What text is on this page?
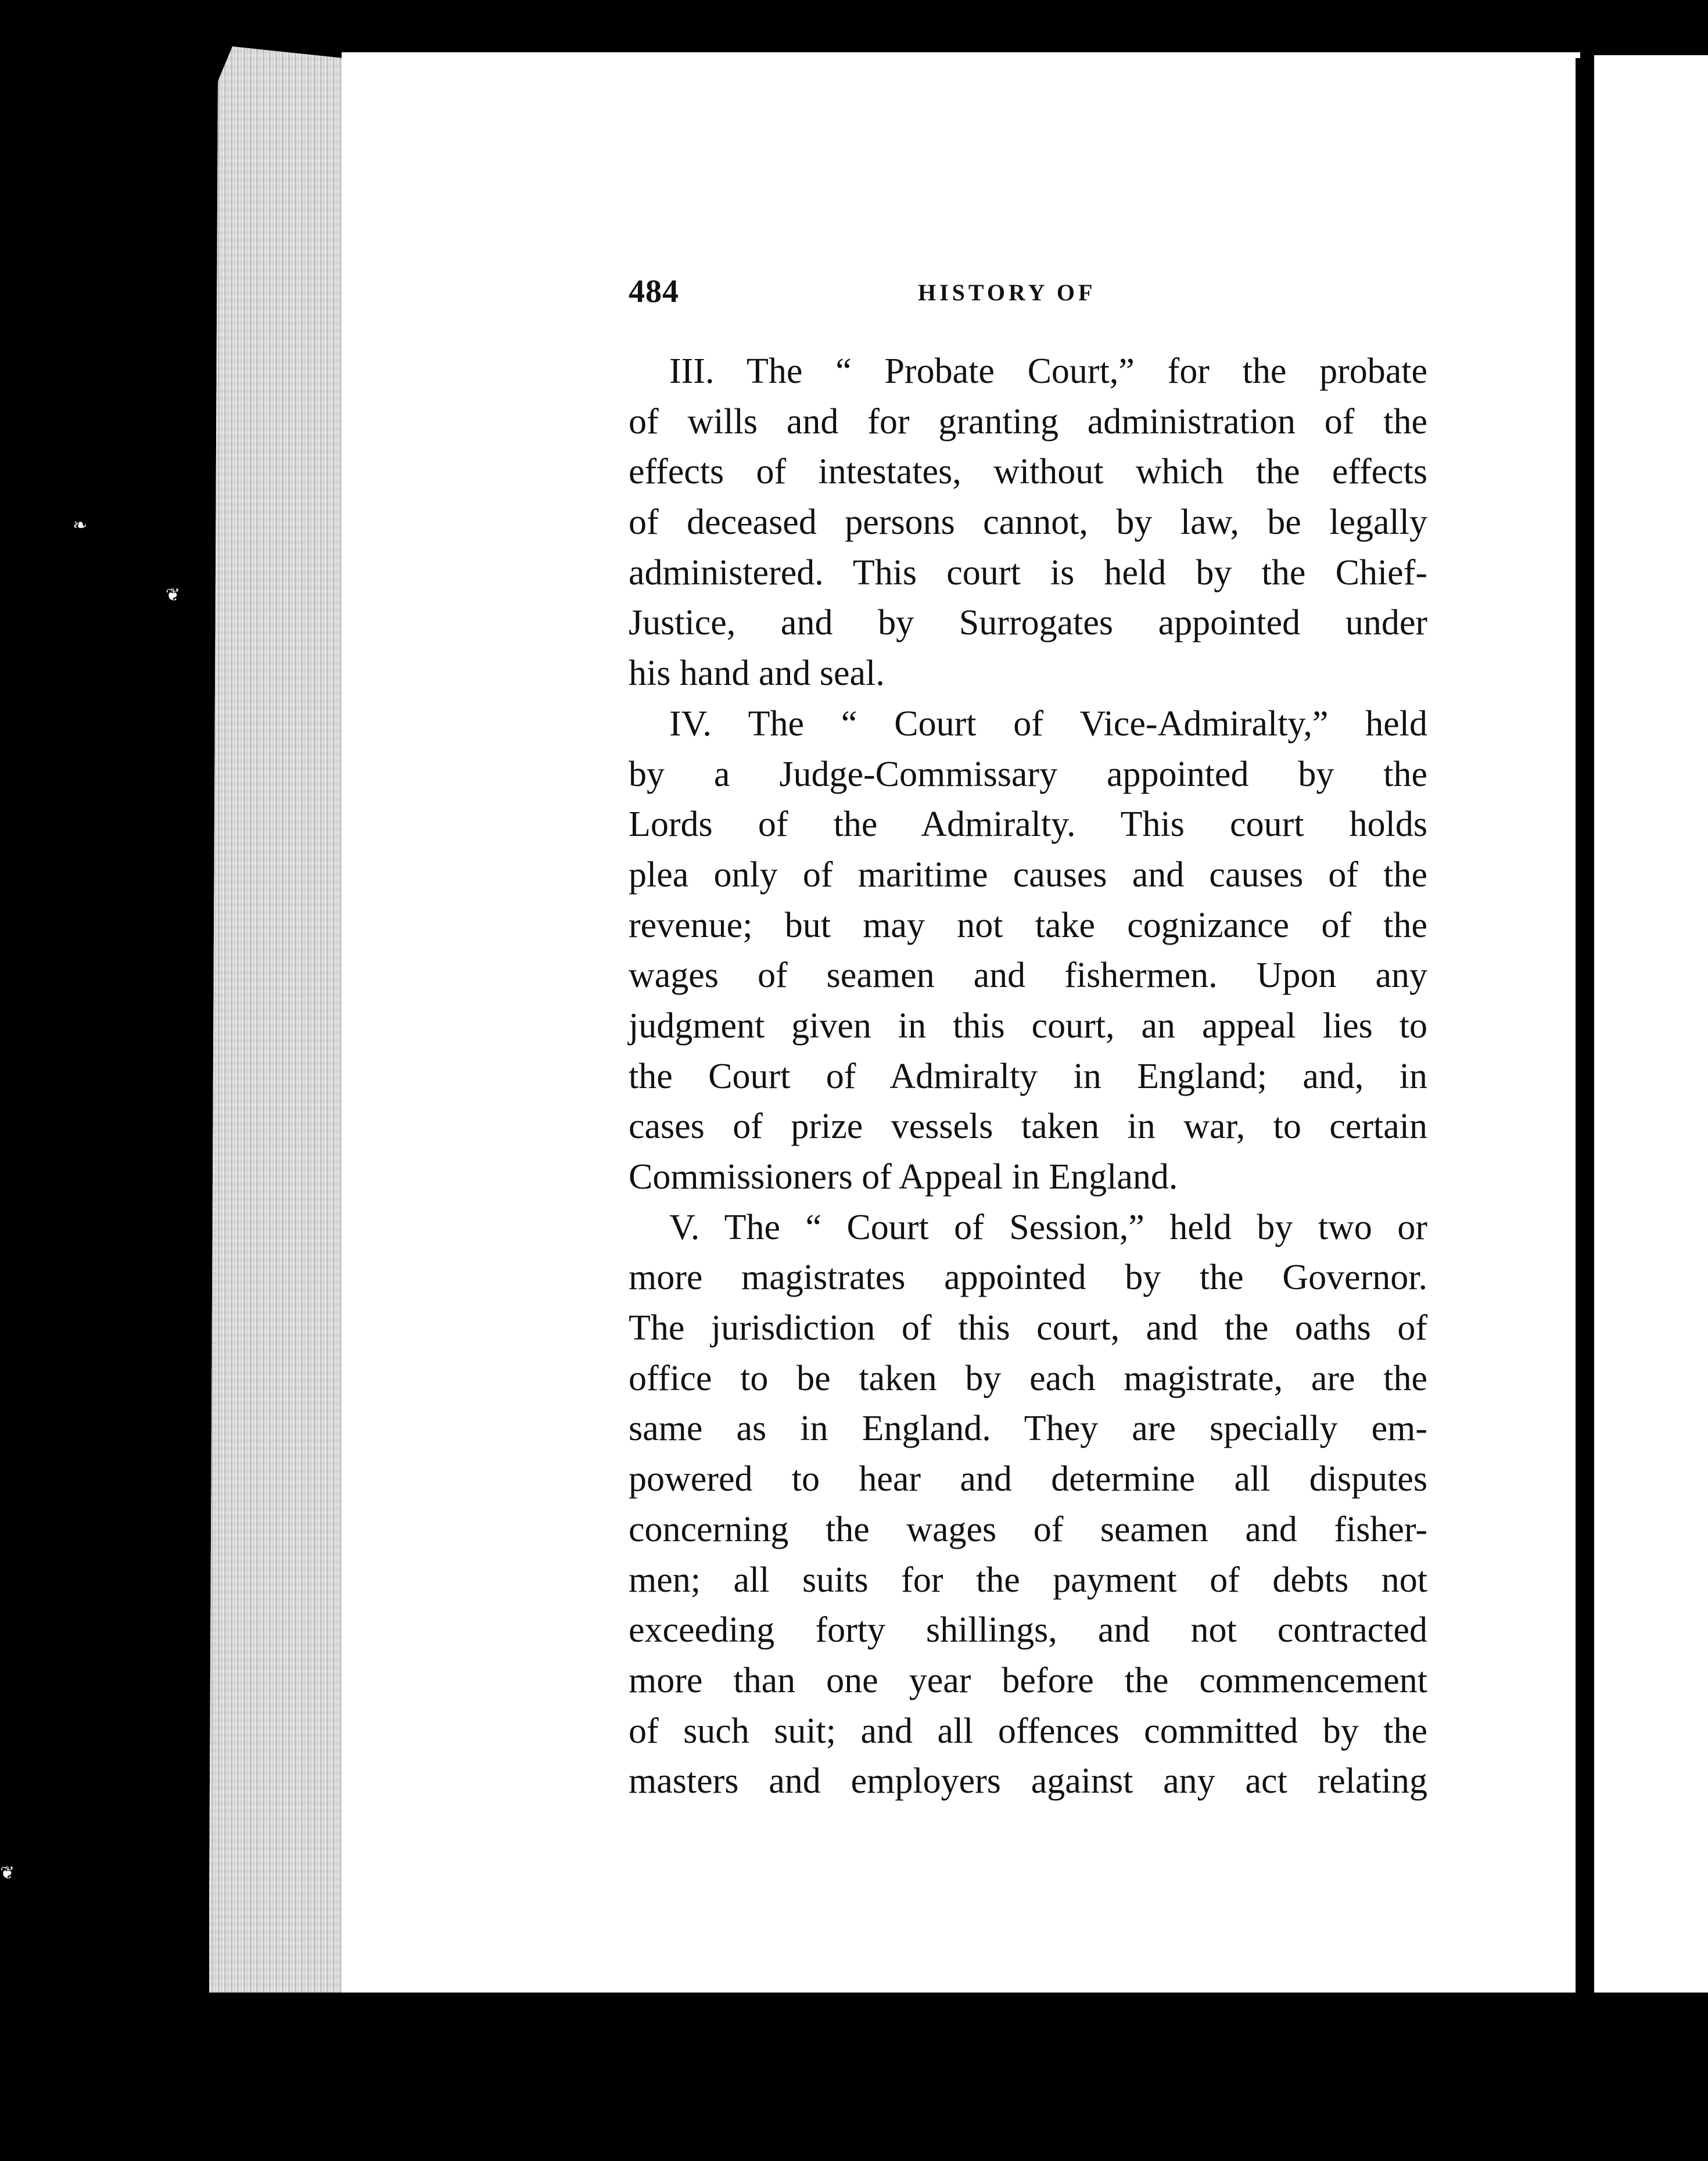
❧
❦
❦
484	HISTORY OF
III. The “ Probate Court,” for the probate
of wills and for granting administration of the
effects of intestates, without which the effects
of deceased persons cannot, by law, be legally
administered. This court is held by the Chief-
Justice, and by Surrogates appointed under
his hand and seal.
IV. The “ Court of Vice-Admiralty,” held
by a Judge-Commissary appointed by the
Lords of the Admiralty. This court holds
plea only of maritime causes and causes of the
revenue; but may not take cognizance of the
wages of seamen and fishermen. Upon any
judgment given in this court, an appeal lies to
the Court of Admiralty in England; and, in
cases of prize vessels taken in war, to certain
Commissioners of Appeal in England.
V. The “ Court of Session,” held by two or
more magistrates appointed by the Governor.
The jurisdiction of this court, and the oaths of
office to be taken by each magistrate, are the
same as in England. They are specially em-
powered to hear and determine all disputes
concerning the wages of seamen and fisher-
men; all suits for the payment of debts not
exceeding forty shillings, and not contracted
more than one year before the commencement
of such suit; and all offences committed by the
masters and employers against any act relating
